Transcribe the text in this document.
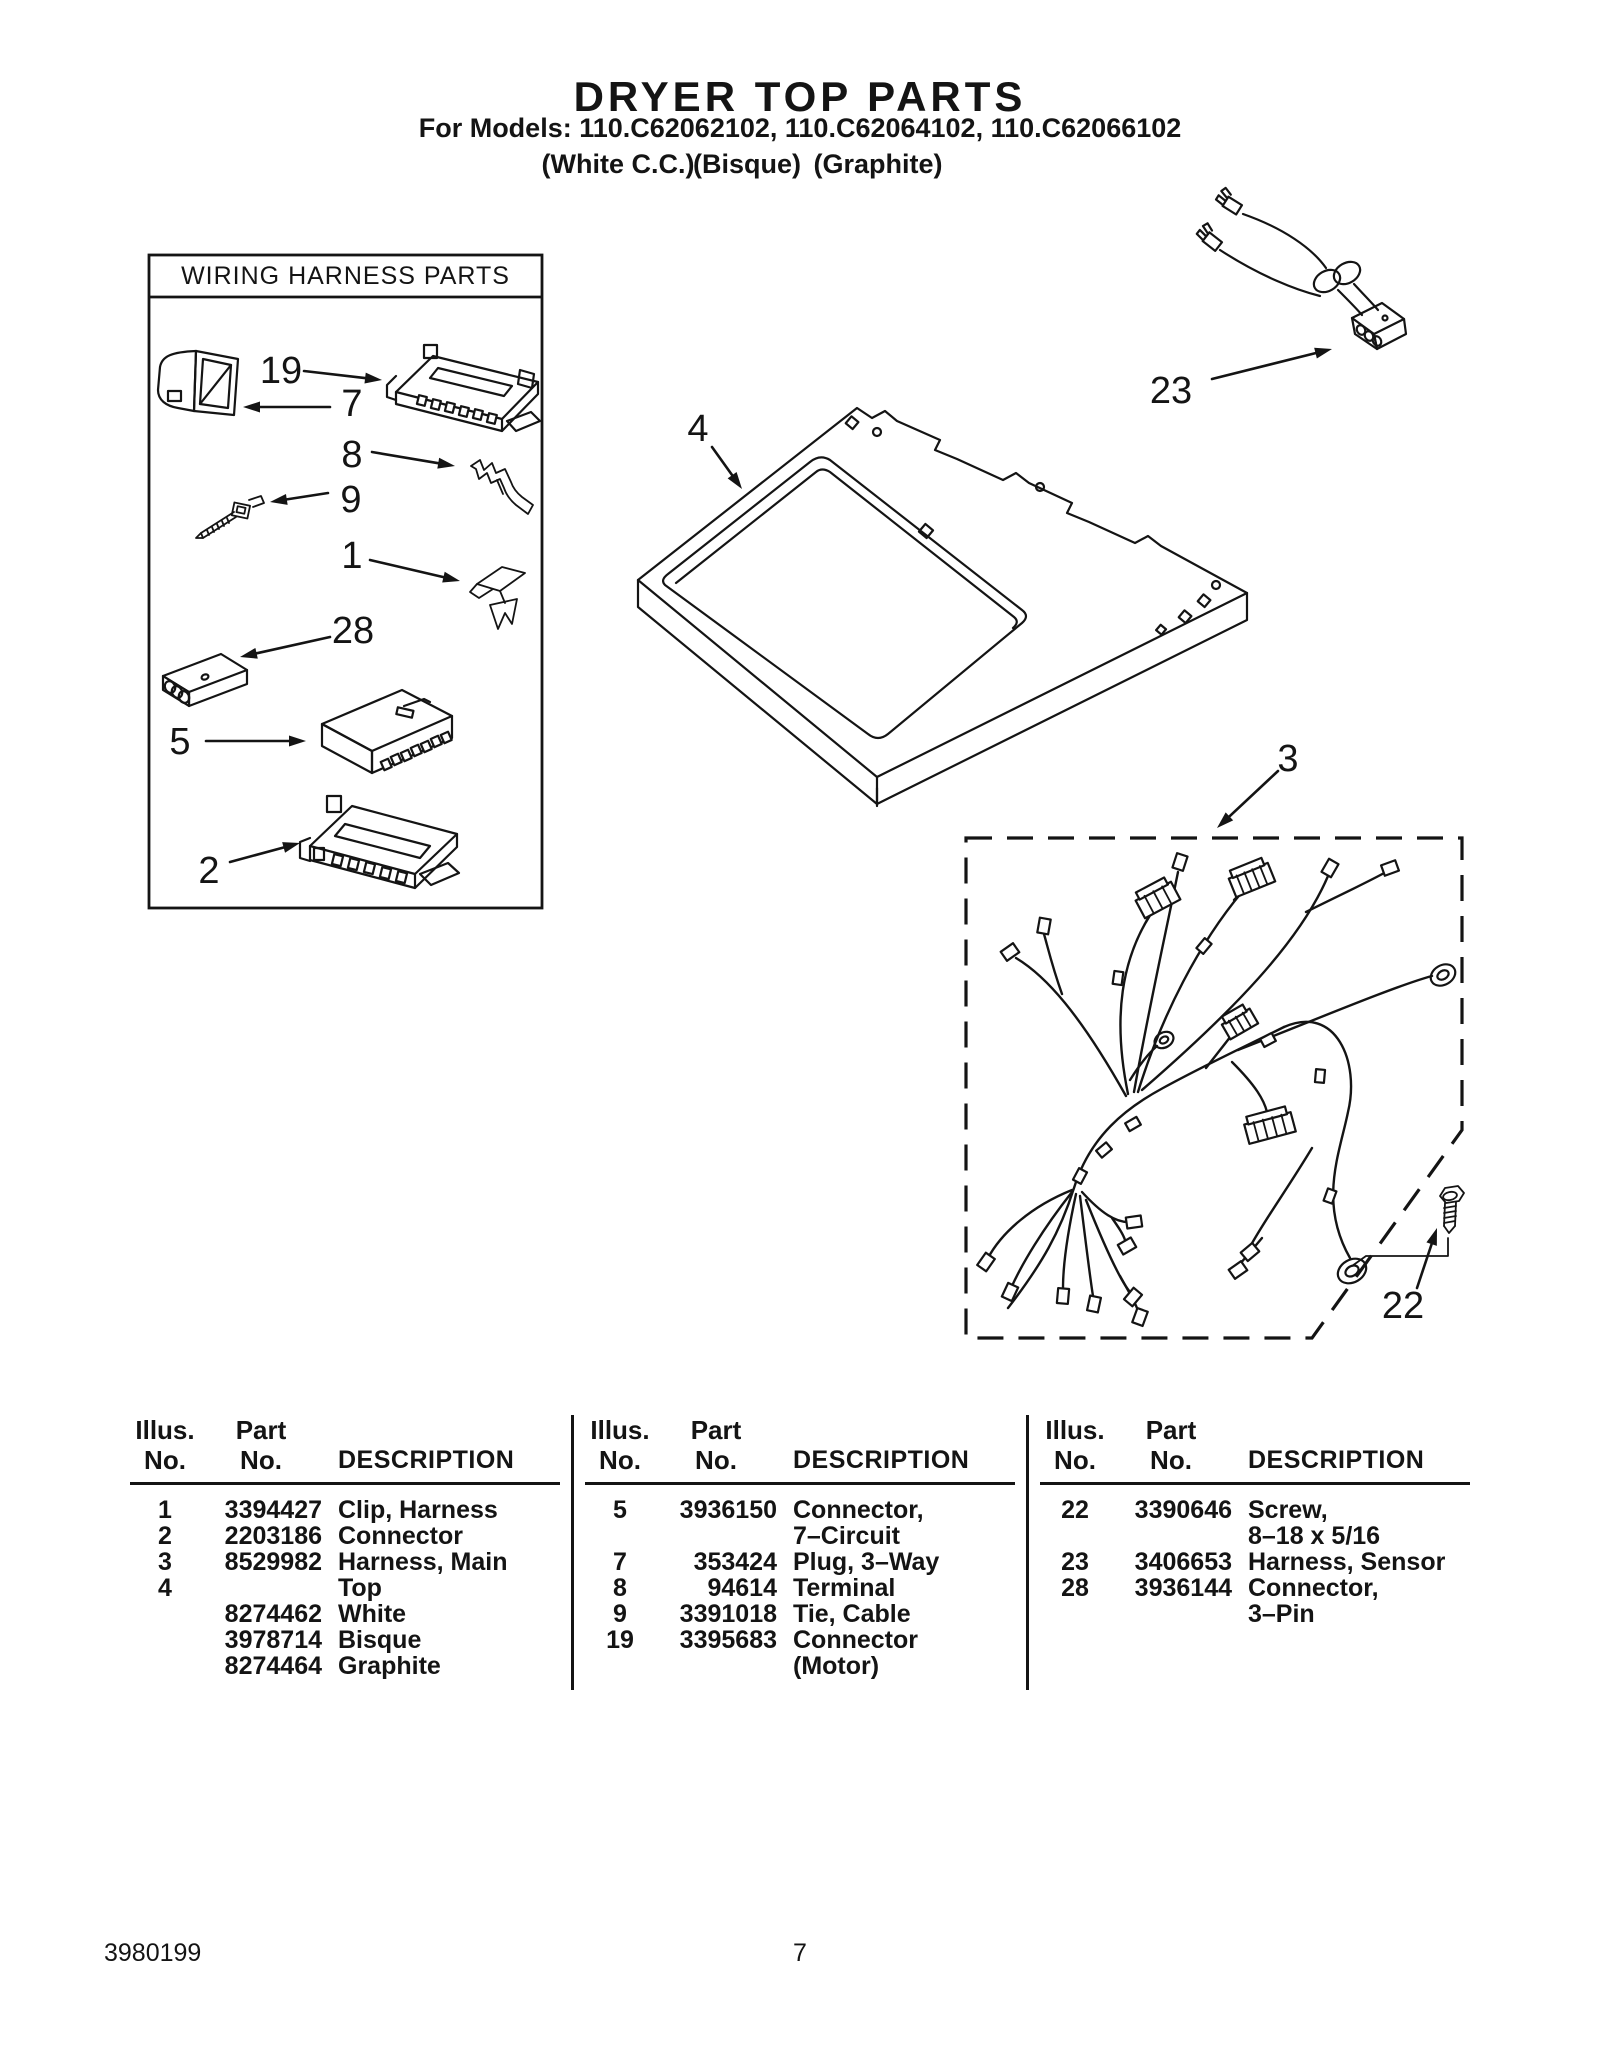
DRYER TOP PARTS
For Models: 110.C62062102, 110.C62064102, 110.C62066102
(White C.C.)
(Bisque) (Graphite)
WIRING HARNESS PARTS
19
7
8
9
1
28
5
2
4
23
3
22
Illus.
No.
Part
No.	DESCRIPTION
1	3394427 Clip, Harness
2	2203186 Connector
3	8529982 Harness, Main
4	Top
8274462 White
3978714 Bisque
8274464 Graphite
Illus.
No.
Part
No.	DESCRIPTION
5	3936150 Connector,
7–Circuit
7	353424 Plug, 3–Way
8	94614 Terminal
9	3391018 Tie, Cable
19	3395683 Connector
(Motor)
Illus.
No.
Part
No.	DESCRIPTION
22	3390646 Screw,
8–18 x 5/16
23	3406653 Harness, Sensor
28	3936144 Connector,
3–Pin
3980199	7
